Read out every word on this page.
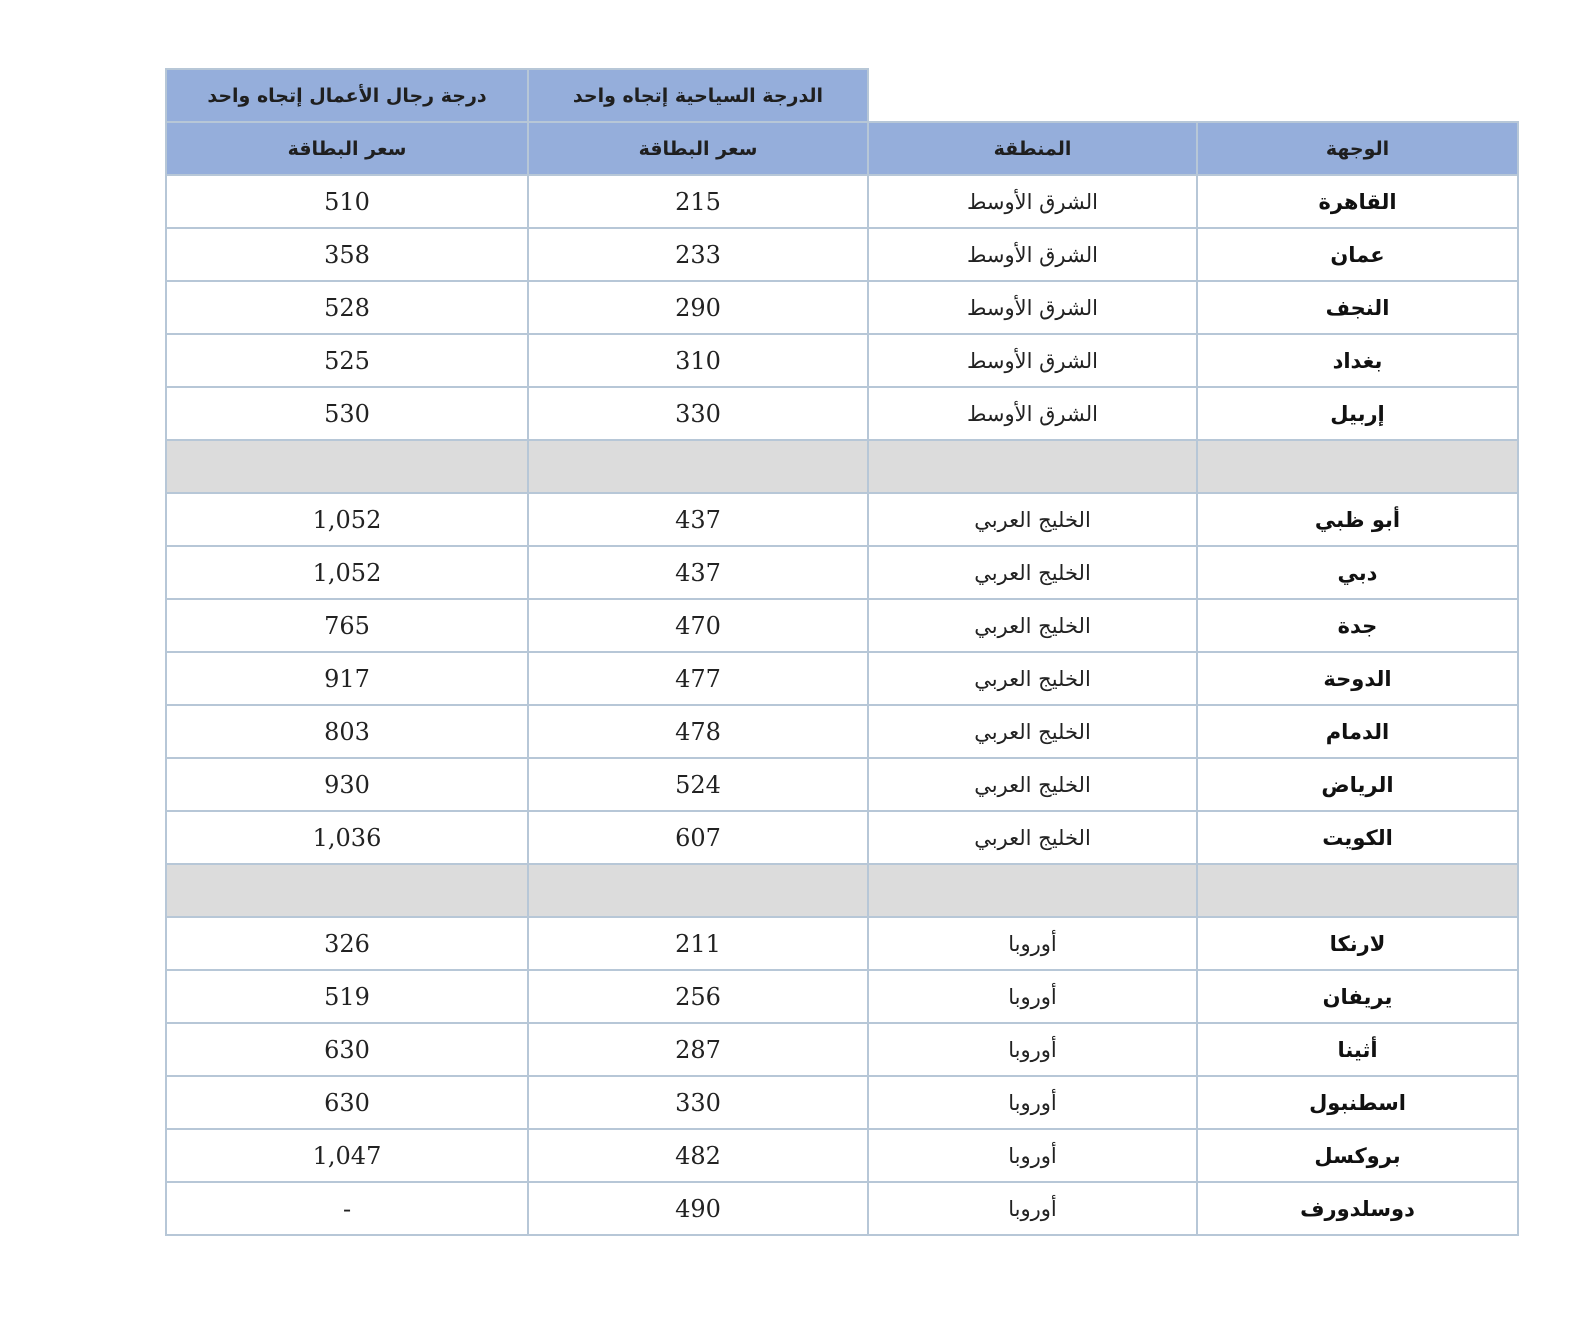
درجة رجال الأعمال إتجاه واحد	الدرجة السياحية إتجاه واحد		
سعر البطاقة	سعر البطاقة	المنطقة	الوجهة
510	215	الشرق الأوسط	القاهرة
358	233	الشرق الأوسط	عمان
528	290	الشرق الأوسط	النجف
525	310	الشرق الأوسط	بغداد
530	330	الشرق الأوسط	إربيل

1,052	437	الخليج العربي	أبو ظبي
1,052	437	الخليج العربي	دبي
765	470	الخليج العربي	جدة
917	477	الخليج العربي	الدوحة
803	478	الخليج العربي	الدمام
930	524	الخليج العربي	الرياض
1,036	607	الخليج العربي	الكويت

326	211	أوروبا	لارنكا
519	256	أوروبا	يريفان
630	287	أوروبا	أثينا
630	330	أوروبا	اسطنبول
1,047	482	أوروبا	بروكسل
-	490	أوروبا	دوسلدورف
